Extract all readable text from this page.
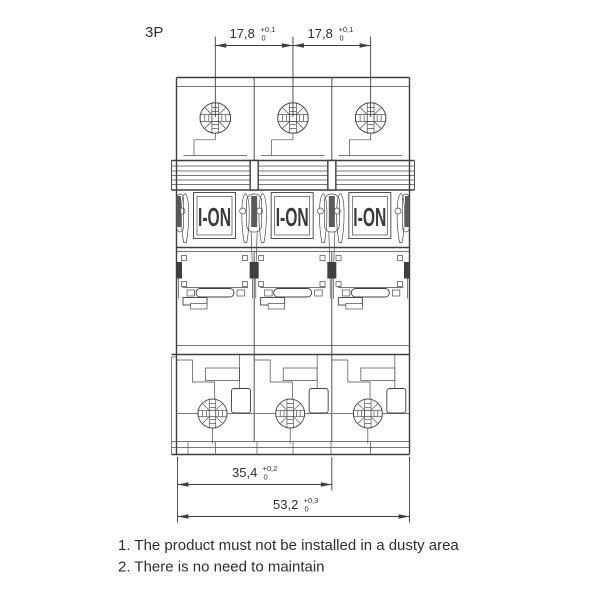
I-ON I-ON I-ON
17,8 +0,1
0	17,8 +0,1
0
35,4 +0,2
0
53,2 +0,3
0
3P
1. The product must not be installed in a dusty area
2. There is no need to maintain
